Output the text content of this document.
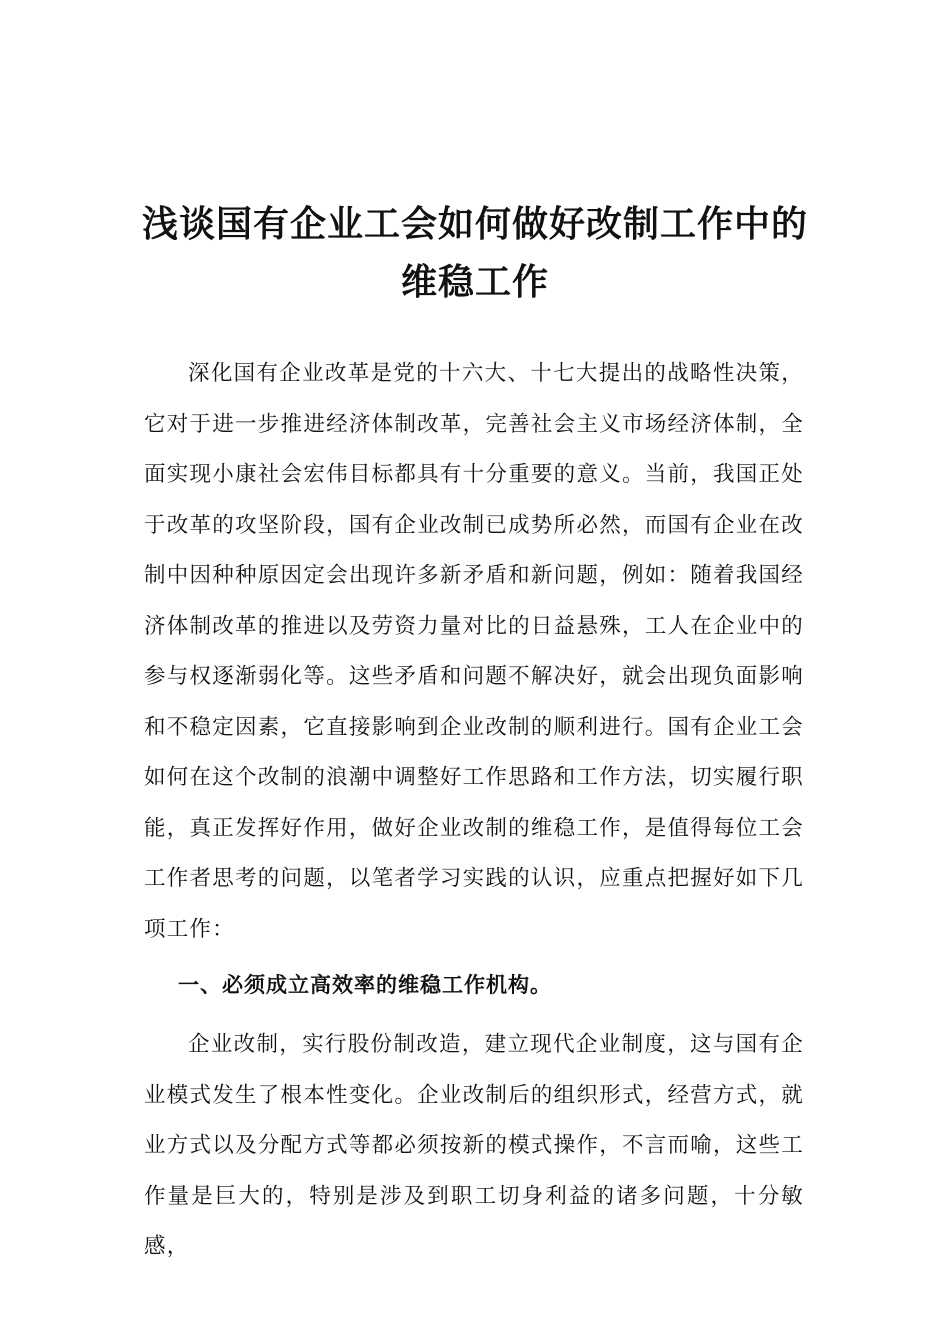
浅谈国有企业工会如何做好改制工作中的
维稳工作

深化国有企业改革是党的十六大、十七大提出的战略性决策，它对于进一步推进经济体制改革，完善社会主义市场经济体制，全面实现小康社会宏伟目标都具有十分重要的意义。当前，我国正处于改革的攻坚阶段，国有企业改制已成势所必然，而国有企业在改制中因种种原因定会出现许多新矛盾和新问题，例如：随着我国经济体制改革的推进以及劳资力量对比的日益悬殊，工人在企业中的参与权逐渐弱化等。这些矛盾和问题不解决好，就会出现负面影响和不稳定因素，它直接影响到企业改制的顺利进行。国有企业工会如何在这个改制的浪潮中调整好工作思路和工作方法，切实履行职能，真正发挥好作用，做好企业改制的维稳工作，是值得每位工会工作者思考的问题，以笔者学习实践的认识，应重点把握好如下几项工作：

一、必须成立高效率的维稳工作机构。

企业改制，实行股份制改造，建立现代企业制度，这与国有企业模式发生了根本性变化。企业改制后的组织形式，经营方式，就业方式以及分配方式等都必须按新的模式操作，不言而喻，这些工作量是巨大的，特别是涉及到职工切身利益的诸多问题，十分敏感，
